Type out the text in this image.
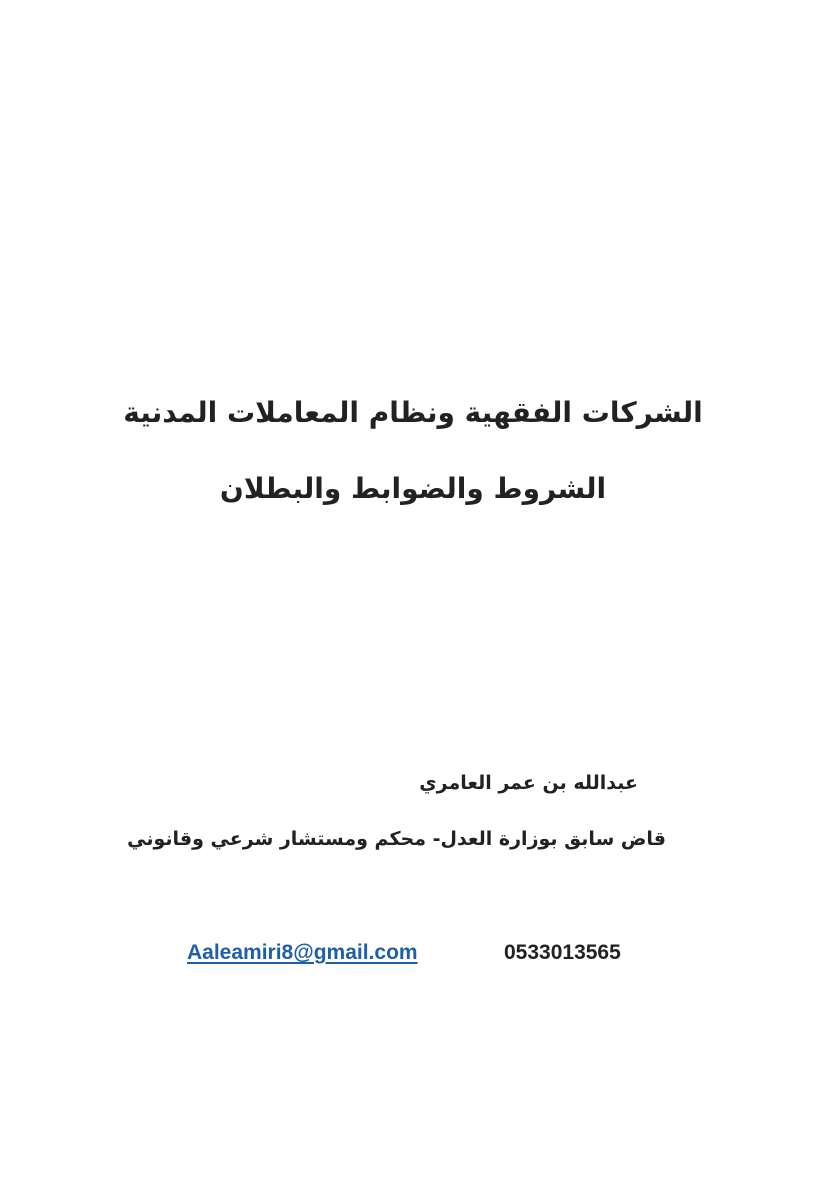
الشركات الفقهية ونظام المعاملات المدنية
الشروط والضوابط والبطلان
عبدالله بن عمر العامري
قاض سابق بوزارة العدل- محكم ومستشار شرعي وقانوني
Aaleamiri8@gmail.com	0533013565
